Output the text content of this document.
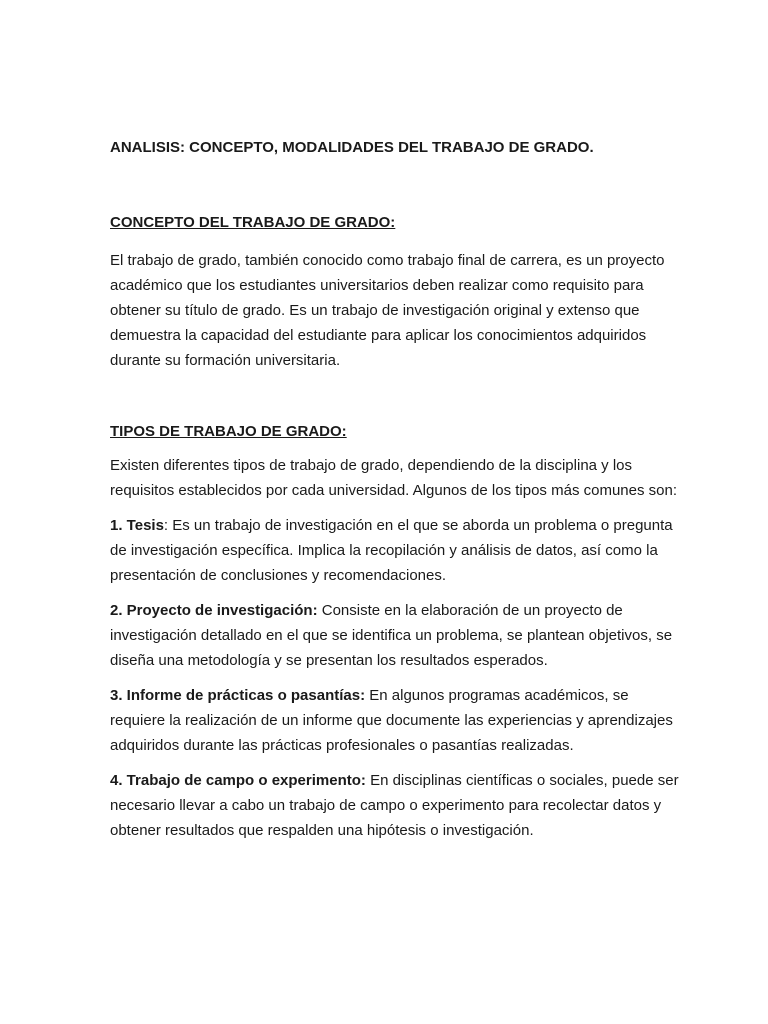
ANALISIS: CONCEPTO, MODALIDADES DEL TRABAJO DE GRADO.

CONCEPTO DEL TRABAJO DE GRADO:

El trabajo de grado, también conocido como trabajo final de carrera, es un proyecto académico que los estudiantes universitarios deben realizar como requisito para obtener su título de grado. Es un trabajo de investigación original y extenso que demuestra la capacidad del estudiante para aplicar los conocimientos adquiridos durante su formación universitaria.

TIPOS DE TRABAJO DE GRADO:

Existen diferentes tipos de trabajo de grado, dependiendo de la disciplina y los requisitos establecidos por cada universidad. Algunos de los tipos más comunes son:

1. Tesis: Es un trabajo de investigación en el que se aborda un problema o pregunta de investigación específica. Implica la recopilación y análisis de datos, así como la presentación de conclusiones y recomendaciones.

2. Proyecto de investigación: Consiste en la elaboración de un proyecto de investigación detallado en el que se identifica un problema, se plantean objetivos, se diseña una metodología y se presentan los resultados esperados.

3. Informe de prácticas o pasantías: En algunos programas académicos, se requiere la realización de un informe que documente las experiencias y aprendizajes adquiridos durante las prácticas profesionales o pasantías realizadas.

4. Trabajo de campo o experimento: En disciplinas científicas o sociales, puede ser necesario llevar a cabo un trabajo de campo o experimento para recolectar datos y obtener resultados que respalden una hipótesis o investigación.
